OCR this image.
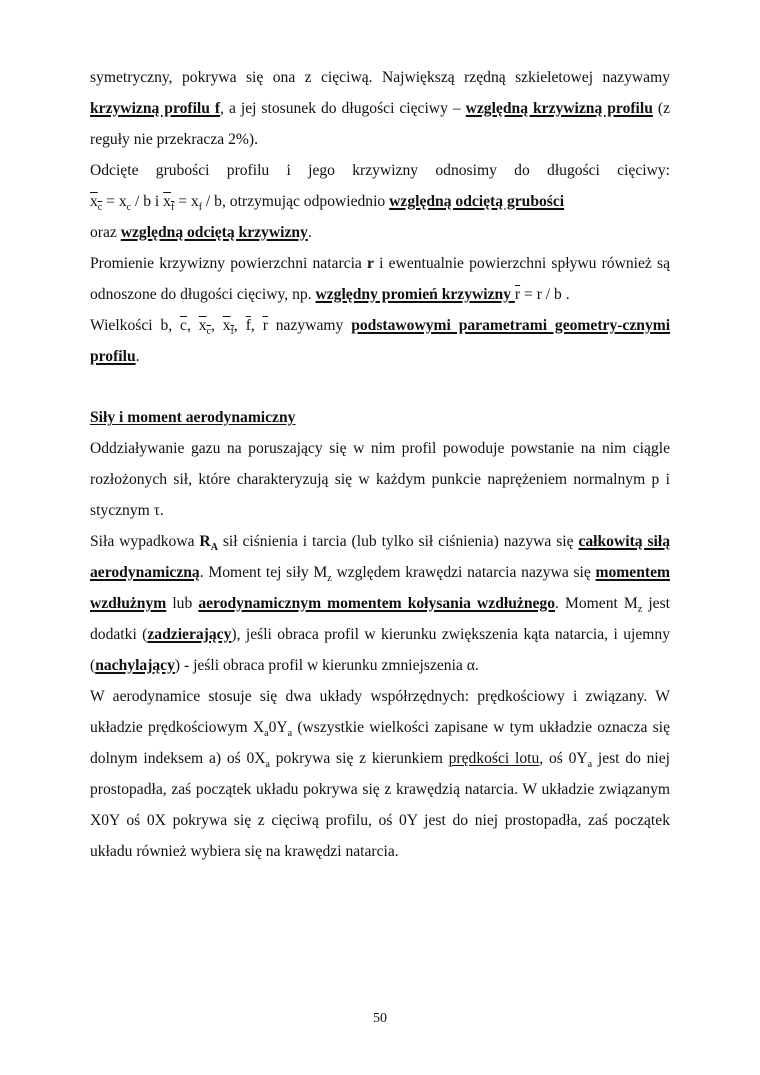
symetryczny, pokrywa się ona z cięciwą. Największą rzędną szkieletowej nazywamy krzywizną profilu f, a jej stosunek do długości cięciwy – względną krzywizną profilu (z reguły nie przekracza 2%).

Odcięte grubości profilu i jego krzywizny odnosimy do długości cięciwy:

$x_c = x_c / b$ i $x_f = x_f / b$, otrzymując odpowiednio względną odciętą grubości
oraz względną odciętą krzywizny.

Promienie krzywizny powierzchni natarcia r i ewentualnie powierzchni spływu również są odnoszone do długości cięciwy, np. względny promień krzywizny $\overline{r} = r / b$ .

Wielkości b, $\overline{c}$, $x_c$, $x_f$, $\overline{f}$, $\overline{r}$ nazywamy podstawowymi parametrami geometry-cznymi profilu.

Siły i moment aerodynamiczny

Oddziaływanie gazu na poruszający się w nim profil powoduje powstanie na nim ciągle rozłożonych sił, które charakteryzują się w każdym punkcie naprężeniem normalnym p i stycznym τ.

Siła wypadkowa $R_A$ sił ciśnienia i tarcia (lub tylko sił ciśnienia) nazywa się całkowitą siłą aerodynamiczną. Moment tej siły $M_z$ względem krawędzi natarcia nazywa się momentem wzdłużnym lub aerodynamicznym momentem kołysania wzdłużnego. Moment $M_z$ jest dodatki (zadzierający), jeśli obraca profil w kierunku zwiększenia kąta natarcia, i ujemny (nachylający) - jeśli obraca profil w kierunku zmniejszenia α.

W aerodynamice stosuje się dwa układy współrzędnych: prędkościowy i związany. W układzie prędkościowym $X_a0Y_a$ (wszystkie wielkości zapisane w tym układzie oznacza się dolnym indeksem a) oś $0X_a$ pokrywa się z kierunkiem prędkości lotu, oś $0Y_a$ jest do niej prostopadła, zaś początek układu pokrywa się z krawędzią natarcia. W układzie związanym X0Y oś 0X pokrywa się z cięciwą profilu, oś 0Y jest do niej prostopadła, zaś początek układu również wybiera się na krawędzi natarcia.

50
